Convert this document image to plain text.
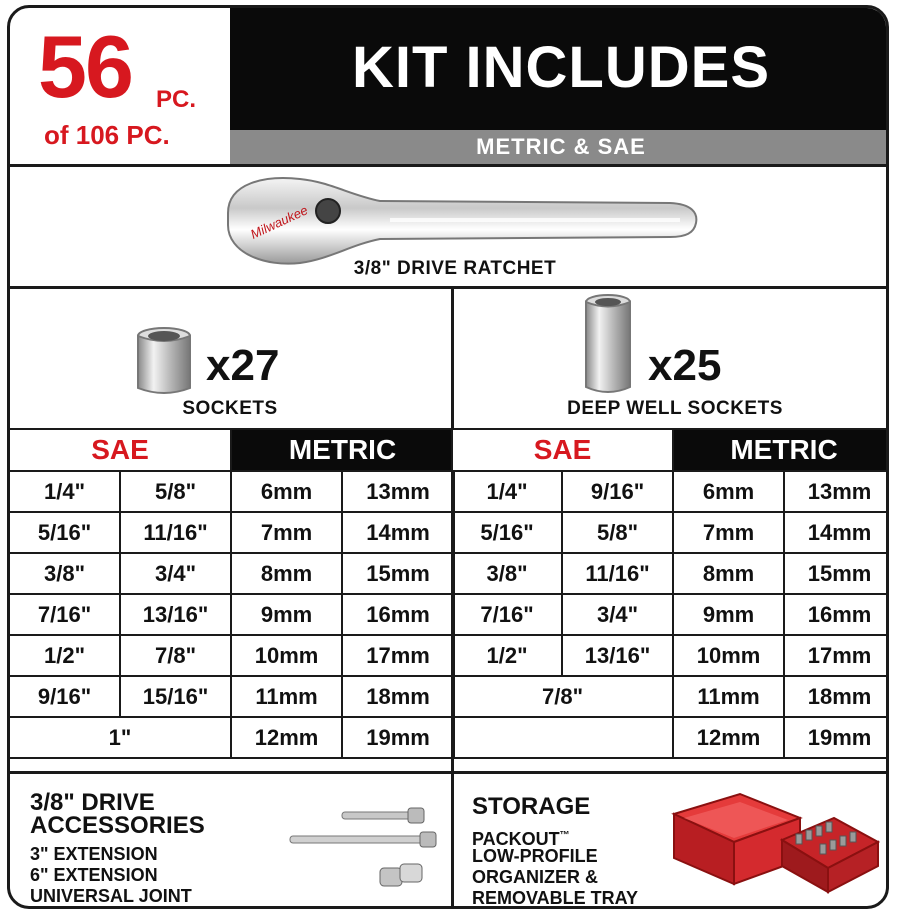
56 PC.
of 106 PC.
KIT INCLUDES
METRIC & SAE
Milwaukee
3/8" DRIVE RATCHET
x27
SOCKETS
x25
DEEP WELL SOCKETS
SAE		METRIC	
1/4"	5/8"	6mm	13mm
5/16"	11/16"	7mm	14mm
3/8"	3/4"	8mm	15mm
7/16"	13/16"	9mm	16mm
1/2"	7/8"	10mm	17mm
9/16"	15/16"	11mm	18mm
1"		12mm	19mm
SAE		METRIC	
1/4"	9/16"	6mm	13mm
5/16"	5/8"	7mm	14mm
3/8"	11/16"	8mm	15mm
7/16"	3/4"	9mm	16mm
1/2"	13/16"	10mm	17mm
7/8"		11mm	18mm
		12mm	19mm
3/8" DRIVE
ACCESSORIES
3" EXTENSION
6" EXTENSION
UNIVERSAL JOINT
STORAGE
PACKOUT™
LOW-PROFILE
ORGANIZER &
REMOVABLE TRAY
